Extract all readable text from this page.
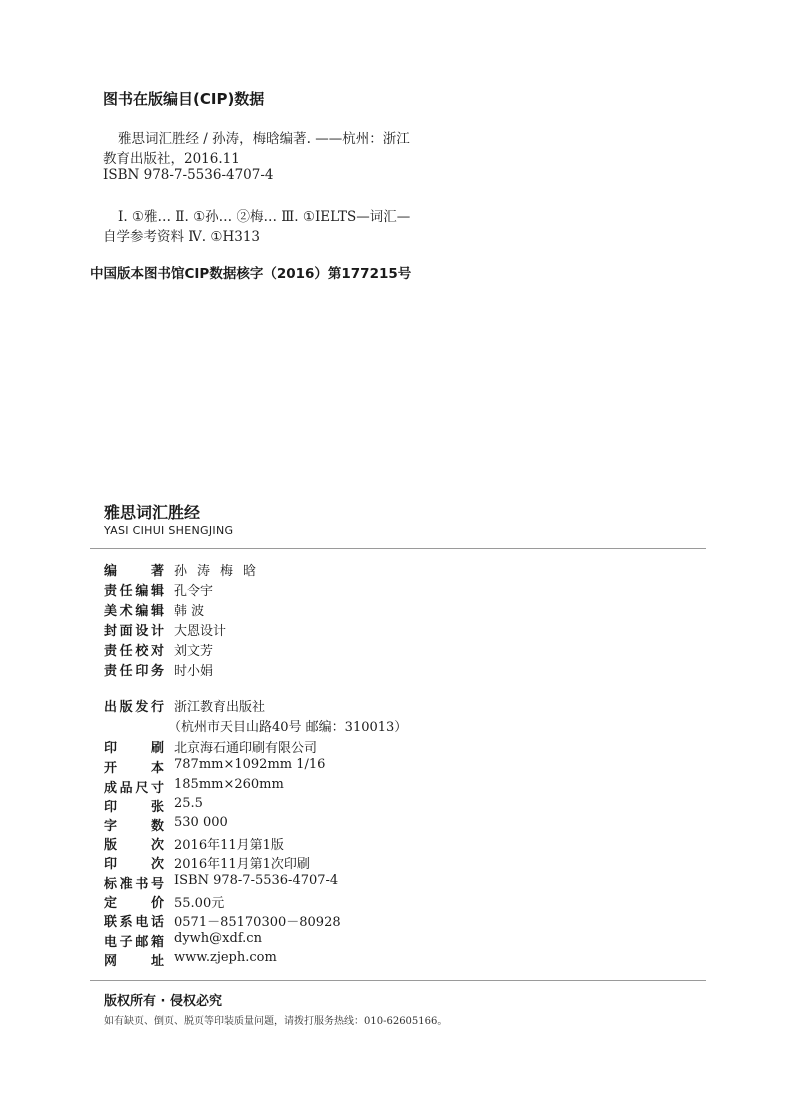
图书在版编目(CIP)数据
雅思词汇胜经 / 孙涛，梅晗编著. ——杭州：浙江
教育出版社，2016.11
ISBN 978-7-5536-4707-4
Ⅰ. ①雅… Ⅱ. ①孙… ②梅… Ⅲ. ①IELTS—词汇—
自学参考资料 Ⅳ. ①H313
中国版本图书馆CIP数据核字（2016）第177215号
雅思词汇胜经
YASI CIHUI SHENGJING
编著 孙涛梅晗
责任编辑 孔令宇
美术编辑 韩 波
封面设计 大恩设计
责任校对 刘文芳
责任印务 时小娟
出版发行 浙江教育出版社
（杭州市天目山路40号 邮编：310013）
印刷 北京海石通印刷有限公司
开本 787mm×1092mm 1/16
成品尺寸 185mm×260mm
印张 25.5
字数 530 000
版次 2016年11月第1版
印次 2016年11月第1次印刷
标准书号 ISBN 978-7-5536-4707-4
定价 55.00元
联系电话 0571－85170300－80928
电子邮箱 dywh@xdf.cn
网址 www.zjeph.com
版权所有 · 侵权必究
如有缺页、倒页、脱页等印装质量问题，请拨打服务热线：010-62605166。
